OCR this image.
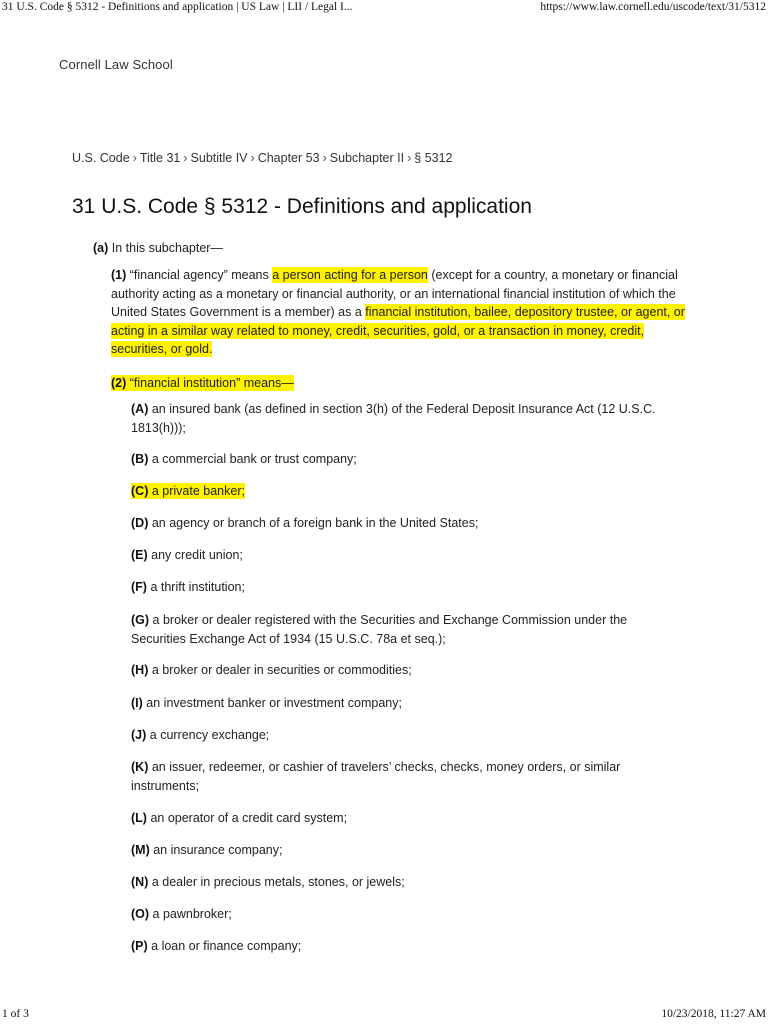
31 U.S. Code § 5312 - Definitions and application | US Law | LII / Legal I...	https://www.law.cornell.edu/uscode/text/31/5312
Cornell Law School
U.S. Code › Title 31 › Subtitle IV › Chapter 53 › Subchapter II › § 5312
31 U.S. Code § 5312 - Definitions and application

(a) In this subchapter—

(1) “financial agency” means a person acting for a person (except for a country, a monetary or financial authority acting as a monetary or financial authority, or an international financial institution of which the United States Government is a member) as a financial institution, bailee, depository trustee, or agent, or acting in a similar way related to money, credit, securities, gold, or a transaction in money, credit, securities, or gold.

(2) “financial institution” means—

(A) an insured bank (as defined in section 3(h) of the Federal Deposit Insurance Act (12 U.S.C. 1813(h)));

(B) a commercial bank or trust company;

(C) a private banker;

(D) an agency or branch of a foreign bank in the United States;

(E) any credit union;

(F) a thrift institution;

(G) a broker or dealer registered with the Securities and Exchange Commission under the Securities Exchange Act of 1934 (15 U.S.C. 78a et seq.);

(H) a broker or dealer in securities or commodities;

(I) an investment banker or investment company;

(J) a currency exchange;

(K) an issuer, redeemer, or cashier of travelers’ checks, checks, money orders, or similar instruments;

(L) an operator of a credit card system;

(M) an insurance company;

(N) a dealer in precious metals, stones, or jewels;

(O) a pawnbroker;

(P) a loan or finance company;

1 of 3	10/23/2018, 11:27 AM
